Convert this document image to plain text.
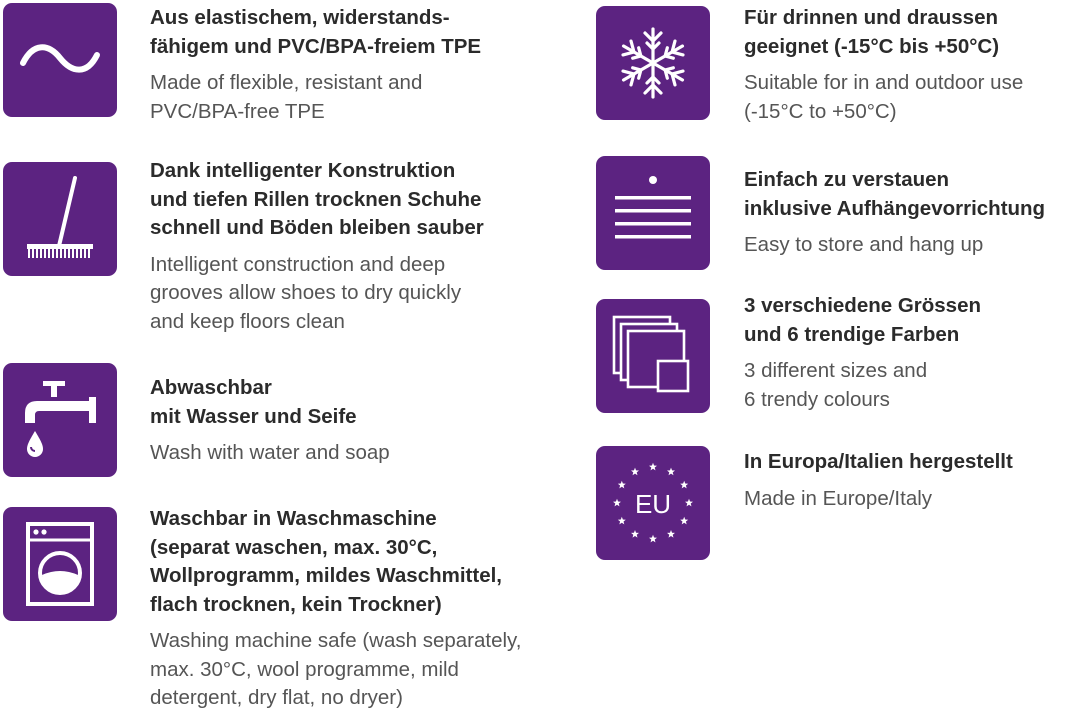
Aus elastischem, widerstands-
fähigem und PVC/BPA-freiem TPE

Made of flexible, resistant and
PVC/BPA-free TPE

Dank intelligenter Konstruktion
und tiefen Rillen trocknen Schuhe
schnell und Böden bleiben sauber

Intelligent construction and deep
grooves allow shoes to dry quickly
and keep floors clean

Abwaschbar
mit Wasser und Seife

Wash with water and soap

Waschbar in Waschmaschine
(separat waschen, max. 30°C,
Wollprogramm, mildes Waschmittel,
flach trocknen, kein Trockner)

Washing machine safe (wash separately,
max. 30°C, wool programme, mild
detergent, dry flat, no dryer)

Für drinnen und draussen
geeignet (-15°C bis +50°C)

Suitable for in and outdoor use
(-15°C to +50°C)

Einfach zu verstauen
inklusive Aufhängevorrichtung

Easy to store and hang up

3 verschiedene Grössen
und 6 trendige Farben

3 different sizes and
6 trendy colours

EU

In Europa/Italien hergestellt

Made in Europe/Italy
